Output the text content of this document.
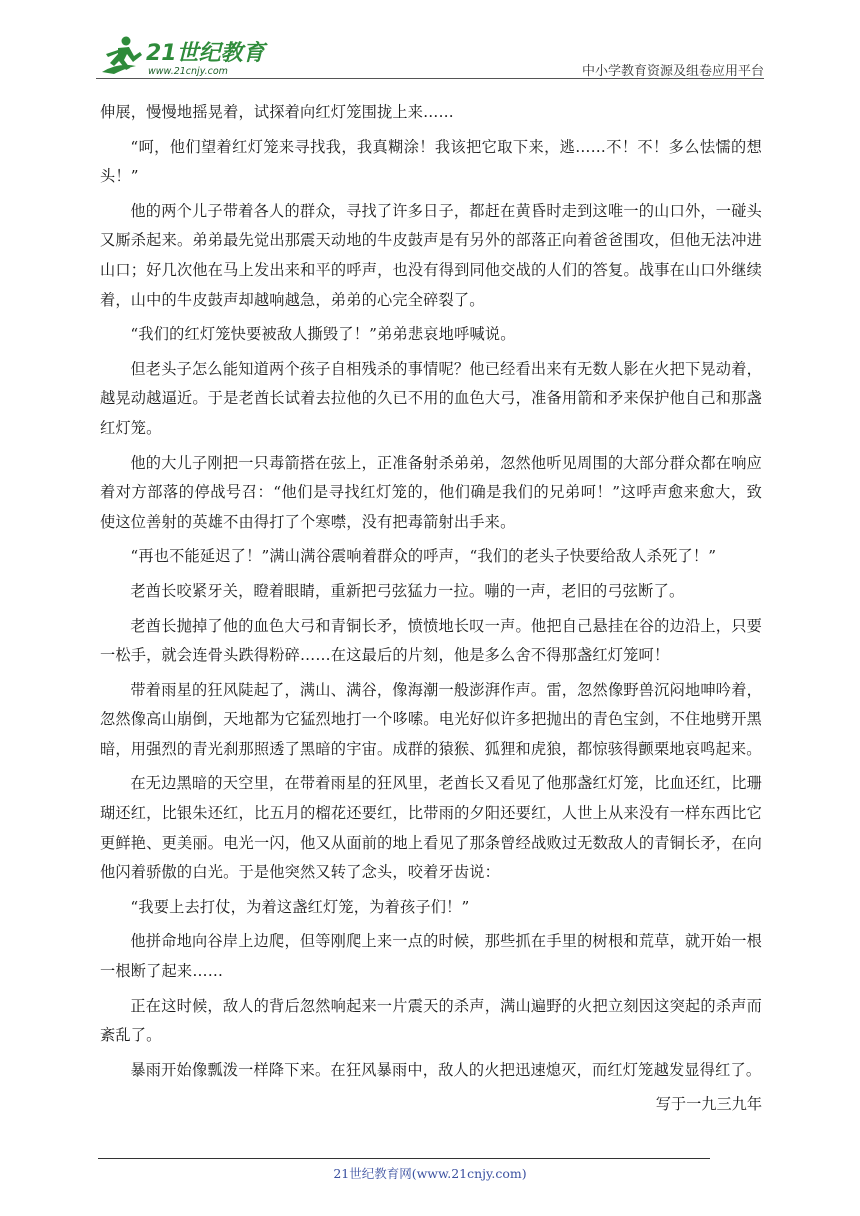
21世纪教育
www.21cnjy.com	中小学教育资源及组卷应用平台

伸展，慢慢地摇晃着，试探着向红灯笼围拢上来……

“呵，他们望着红灯笼来寻找我，我真糊涂！我该把它取下来，逃……不！不！多么怯懦的想头！”

他的两个儿子带着各人的群众，寻找了许多日子，都赶在黄昏时走到这唯一的山口外，一碰头又厮杀起来。弟弟最先觉出那震天动地的牛皮鼓声是有另外的部落正向着爸爸围攻，但他无法冲进山口；好几次他在马上发出来和平的呼声，也没有得到同他交战的人们的答复。战事在山口外继续着，山中的牛皮鼓声却越响越急，弟弟的心完全碎裂了。

“我们的红灯笼快要被敌人撕毁了！”弟弟悲哀地呼喊说。

但老头子怎么能知道两个孩子自相残杀的事情呢？他已经看出来有无数人影在火把下晃动着，越晃动越逼近。于是老酋长试着去拉他的久已不用的血色大弓，准备用箭和矛来保护他自己和那盏红灯笼。

他的大儿子刚把一只毒箭搭在弦上，正准备射杀弟弟，忽然他听见周围的大部分群众都在响应着对方部落的停战号召：“他们是寻找红灯笼的，他们确是我们的兄弟呵！”这呼声愈来愈大，致使这位善射的英雄不由得打了个寒噤，没有把毒箭射出手来。

“再也不能延迟了！”满山满谷震响着群众的呼声，“我们的老头子快要给敌人杀死了！”

老酋长咬紧牙关，瞪着眼睛，重新把弓弦猛力一拉。嘣的一声，老旧的弓弦断了。

老酋长抛掉了他的血色大弓和青铜长矛，愤愤地长叹一声。他把自己悬挂在谷的边沿上，只要一松手，就会连骨头跌得粉碎……在这最后的片刻，他是多么舍不得那盏红灯笼呵！

带着雨星的狂风陡起了，满山、满谷，像海潮一般澎湃作声。雷，忽然像野兽沉闷地呻吟着，忽然像高山崩倒，天地都为它猛烈地打一个哆嗦。电光好似许多把抛出的青色宝剑，不住地劈开黑暗，用强烈的青光刹那照透了黑暗的宇宙。成群的猿猴、狐狸和虎狼，都惊骇得颤栗地哀鸣起来。

在无边黑暗的天空里，在带着雨星的狂风里，老酋长又看见了他那盏红灯笼，比血还红，比珊瑚还红，比银朱还红，比五月的榴花还要红，比带雨的夕阳还要红，人世上从来没有一样东西比它更鲜艳、更美丽。电光一闪，他又从面前的地上看见了那条曾经战败过无数敌人的青铜长矛，在向他闪着骄傲的白光。于是他突然又转了念头，咬着牙齿说：

“我要上去打仗，为着这盏红灯笼，为着孩子们！”

他拼命地向谷岸上边爬，但等刚爬上来一点的时候，那些抓在手里的树根和荒草，就开始一根一根断了起来……

正在这时候，敌人的背后忽然响起来一片震天的杀声，满山遍野的火把立刻因这突起的杀声而紊乱了。

暴雨开始像瓢泼一样降下来。在狂风暴雨中，敌人的火把迅速熄灭，而红灯笼越发显得红了。

写于一九三九年

21世纪教育网(www.21cnjy.com)
